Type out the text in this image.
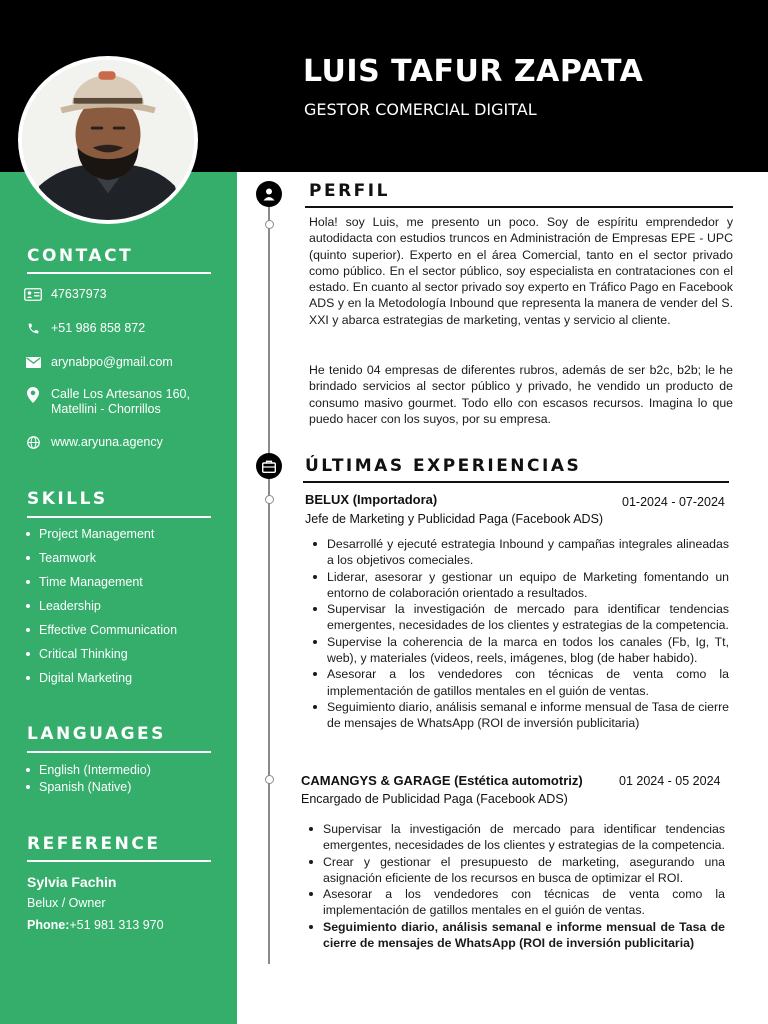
LUIS TAFUR ZAPATA
GESTOR COMERCIAL DIGITAL
CONTACT
47637973
+51 986 858 872
arynabpo@gmail.com
Calle Los Artesanos 160,
Matellini - Chorrillos
www.aryuna.agency
SKILLS
Project Management
Teamwork
Time Management
Leadership
Effective Communication
Critical Thinking
Digital Marketing
LANGUAGES
English (Intermedio)
Spanish (Native)
REFERENCE
Sylvia Fachin
Belux / Owner
Phone:+51 981 313 970
PERFIL

Hola! soy Luis, me presento un poco. Soy de espíritu emprendedor y autodidacta con estudios truncos en Administración de Empresas EPE - UPC (quinto superior). Experto en el área Comercial, tanto en el sector privado como público. En el sector público, soy especialista en contrataciones con el estado. En cuanto al sector privado soy experto en Tráfico Pago en Facebook ADS y en la Metodología Inbound que representa la manera de vender del S. XXI y abarca estrategias de marketing, ventas y servicio al cliente.

He tenido 04 empresas de diferentes rubros, además de ser b2c, b2b; le he brindado servicios al sector público y privado, he vendido un producto de consumo masivo gourmet. Todo ello con escasos recursos. Imagina lo que puedo hacer con los suyos, por su empresa.

ÚLTIMAS EXPERIENCIAS
BELUX (Importadora)	01-2024 - 07-2024
Jefe de Marketing y Publicidad Paga (Facebook ADS)
Desarrollé y ejecuté estrategia Inbound y campañas integrales alineadas a los objetivos comeciales.
Liderar, asesorar y gestionar un equipo de Marketing fomentando un entorno de colaboración orientado a resultados.
Supervisar la investigación de mercado para identificar tendencias emergentes, necesidades de los clientes y estrategias de la competencia.
Supervise la coherencia de la marca en todos los canales (Fb, Ig, Tt, web), y materiales (videos, reels, imágenes, blog (de haber habido).
Asesorar a los vendedores con técnicas de venta como la implementación de gatillos mentales en el guión de ventas.
Seguimiento diario, análisis semanal e informe mensual de Tasa de cierre de mensajes de WhatsApp (ROI de inversión publicitaria)
CAMANGYS & GARAGE (Estética automotriz)	01 2024 - 05 2024
Encargado de Publicidad Paga (Facebook ADS)
Supervisar la investigación de mercado para identificar tendencias emergentes, necesidades de los clientes y estrategias de la competencia.
Crear y gestionar el presupuesto de marketing, asegurando una asignación eficiente de los recursos en busca de optimizar el ROI.
Asesorar a los vendedores con técnicas de venta como la implementación de gatillos mentales en el guión de ventas.
Seguimiento diario, análisis semanal e informe mensual de Tasa de cierre de mensajes de WhatsApp (ROI de inversión publicitaria)
